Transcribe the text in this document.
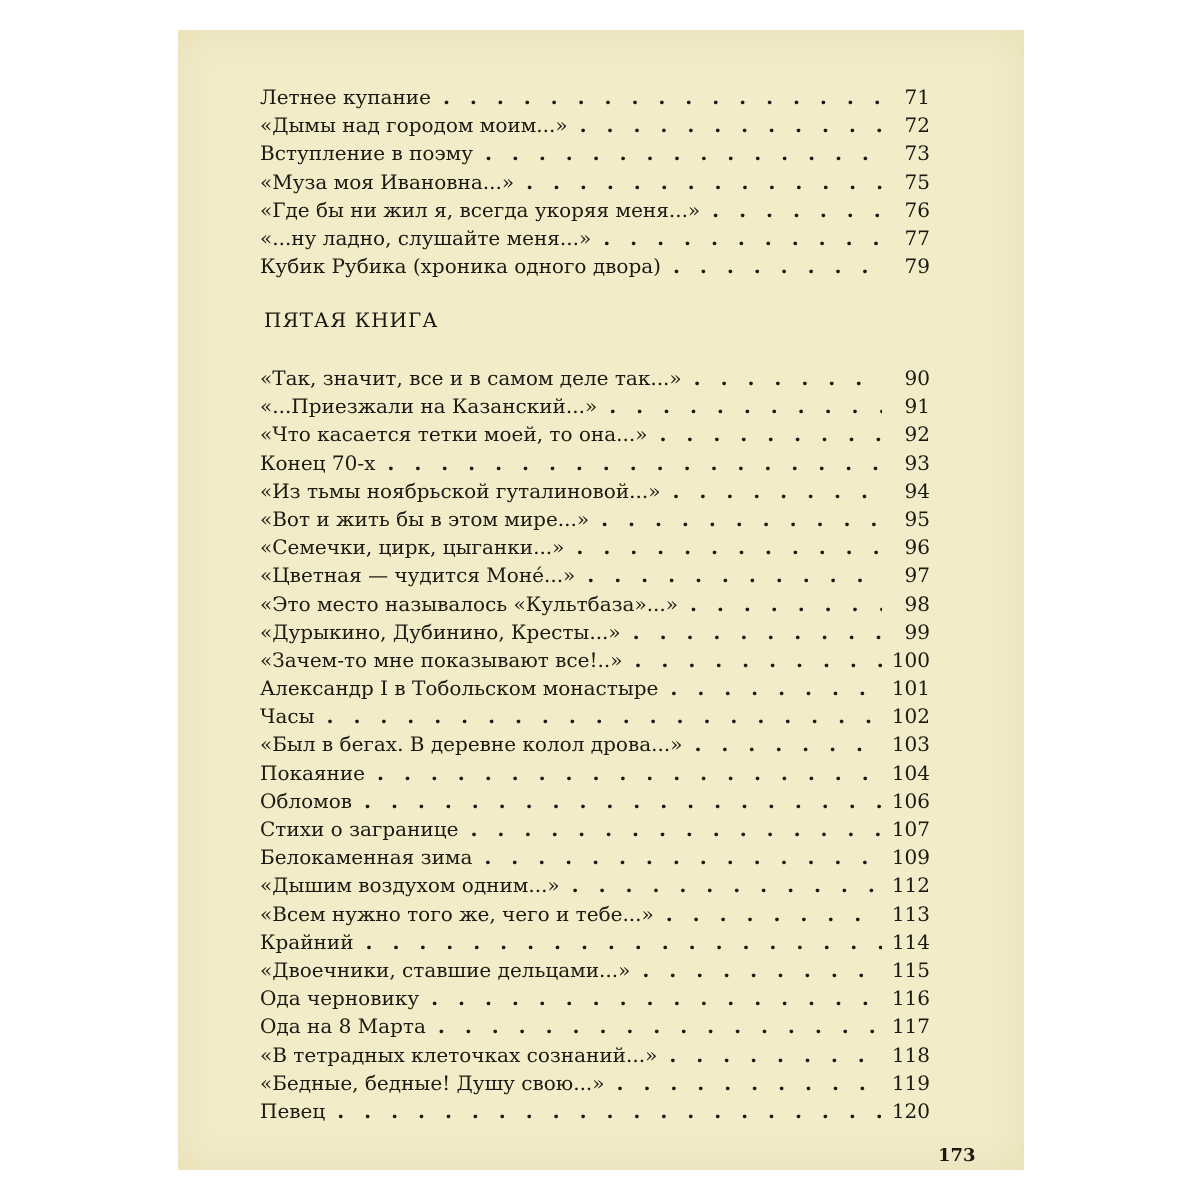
Летнее купание . . .	71
«Дымы над городом моим...» . . .	72
Вступление в поэму . . .	73
«Муза моя Ивановна...» . . .	75
«Где бы ни жил я, всегда укоряя меня...» . . .	76
«...ну ладно, слушайте меня...» . . .	77
Кубик Рубика (хроника одного двора) . . .	79
ПЯТАЯ КНИГА
«Так, значит, все и в самом деле так...» . . .	90
«...Приезжали на Казанский...» . . .	91
«Что касается тетки моей, то она...» . . .	92
Конец 70-х . . .	93
«Из тьмы ноябрьской гуталиновой...» . . .	94
«Вот и жить бы в этом мире...» . . .	95
«Семечки, цирк, цыганки...» . . .	96
«Цветная — чудится Моне́...» . . .	97
«Это место называлось «Культбаза»...» . . .	98
«Дурыкино, Дубинино, Кресты...» . . .	99
«Зачем-то мне показывают все!..» . . .	100
Александр I в Тобольском монастыре . . .	101
Часы . . .	102
«Был в бегах. В деревне колол дрова...» . . .	103
Покаяние . . .	104
Обломов . . .	106
Стихи о загранице . . .	107
Белокаменная зима . . .	109
«Дышим воздухом одним...» . . .	112
«Всем нужно того же, чего и тебе...» . . .	113
Крайний . . .	114
«Двоечники, ставшие дельцами...» . . .	115
Ода черновику . . .	116
Ода на 8 Марта . . .	117
«В тетрадных клеточках сознаний...» . . .	118
«Бедные, бедные! Душу свою...» . . .	119
Певец . . .	120
173
